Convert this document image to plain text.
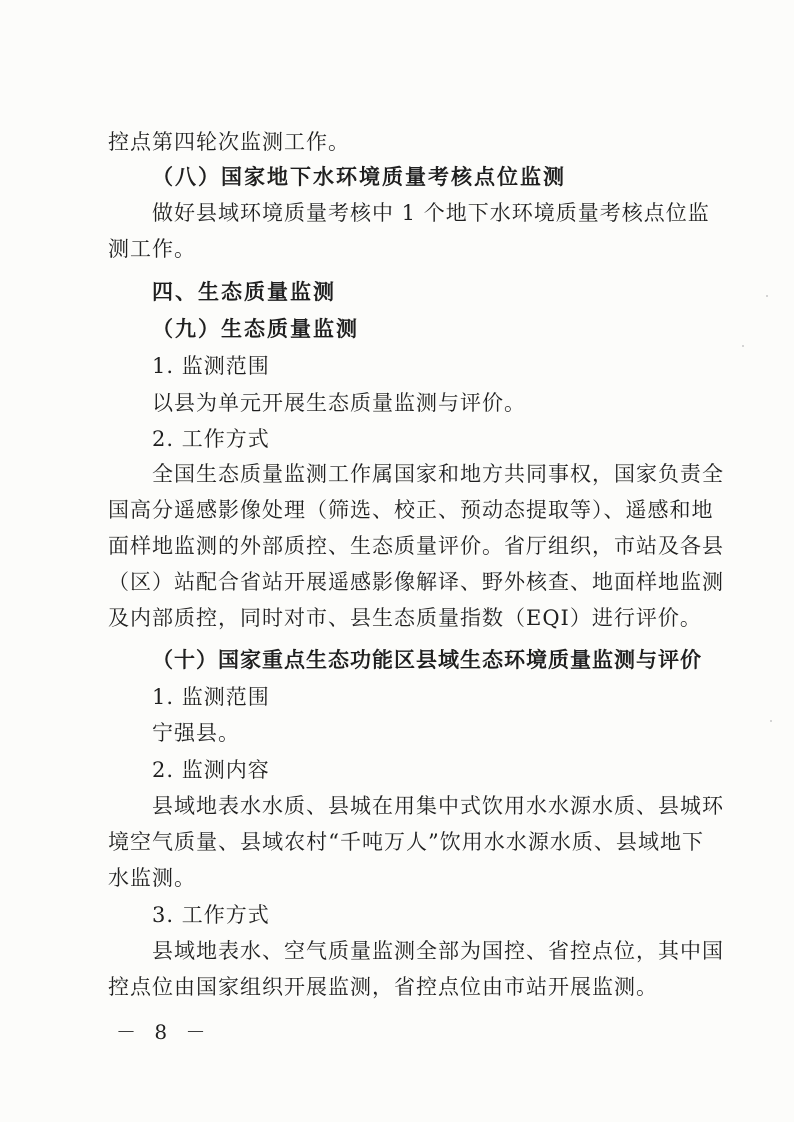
控点第四轮次监测工作。
（八）国家地下水环境质量考核点位监测
做好县域环境质量考核中 1 个地下水环境质量考核点位监
测工作。
四、生态质量监测
（九）生态质量监测
1. 监测范围
以县为单元开展生态质量监测与评价。
2. 工作方式
全国生态质量监测工作属国家和地方共同事权，国家负责全
国高分遥感影像处理（筛选、校正、预动态提取等）、遥感和地
面样地监测的外部质控、生态质量评价。省厅组织，市站及各县
（区）站配合省站开展遥感影像解译、野外核查、地面样地监测
及内部质控，同时对市、县生态质量指数（EQI）进行评价。
（十）国家重点生态功能区县域生态环境质量监测与评价
1. 监测范围
宁强县。
2. 监测内容
县域地表水水质、县城在用集中式饮用水水源水质、县城环
境空气质量、县域农村“千吨万人”饮用水水源水质、县域地下
水监测。
3. 工作方式
县域地表水、空气质量监测全部为国控、省控点位，其中国
控点位由国家组织开展监测，省控点位由市站开展监测。
－ 8 －
